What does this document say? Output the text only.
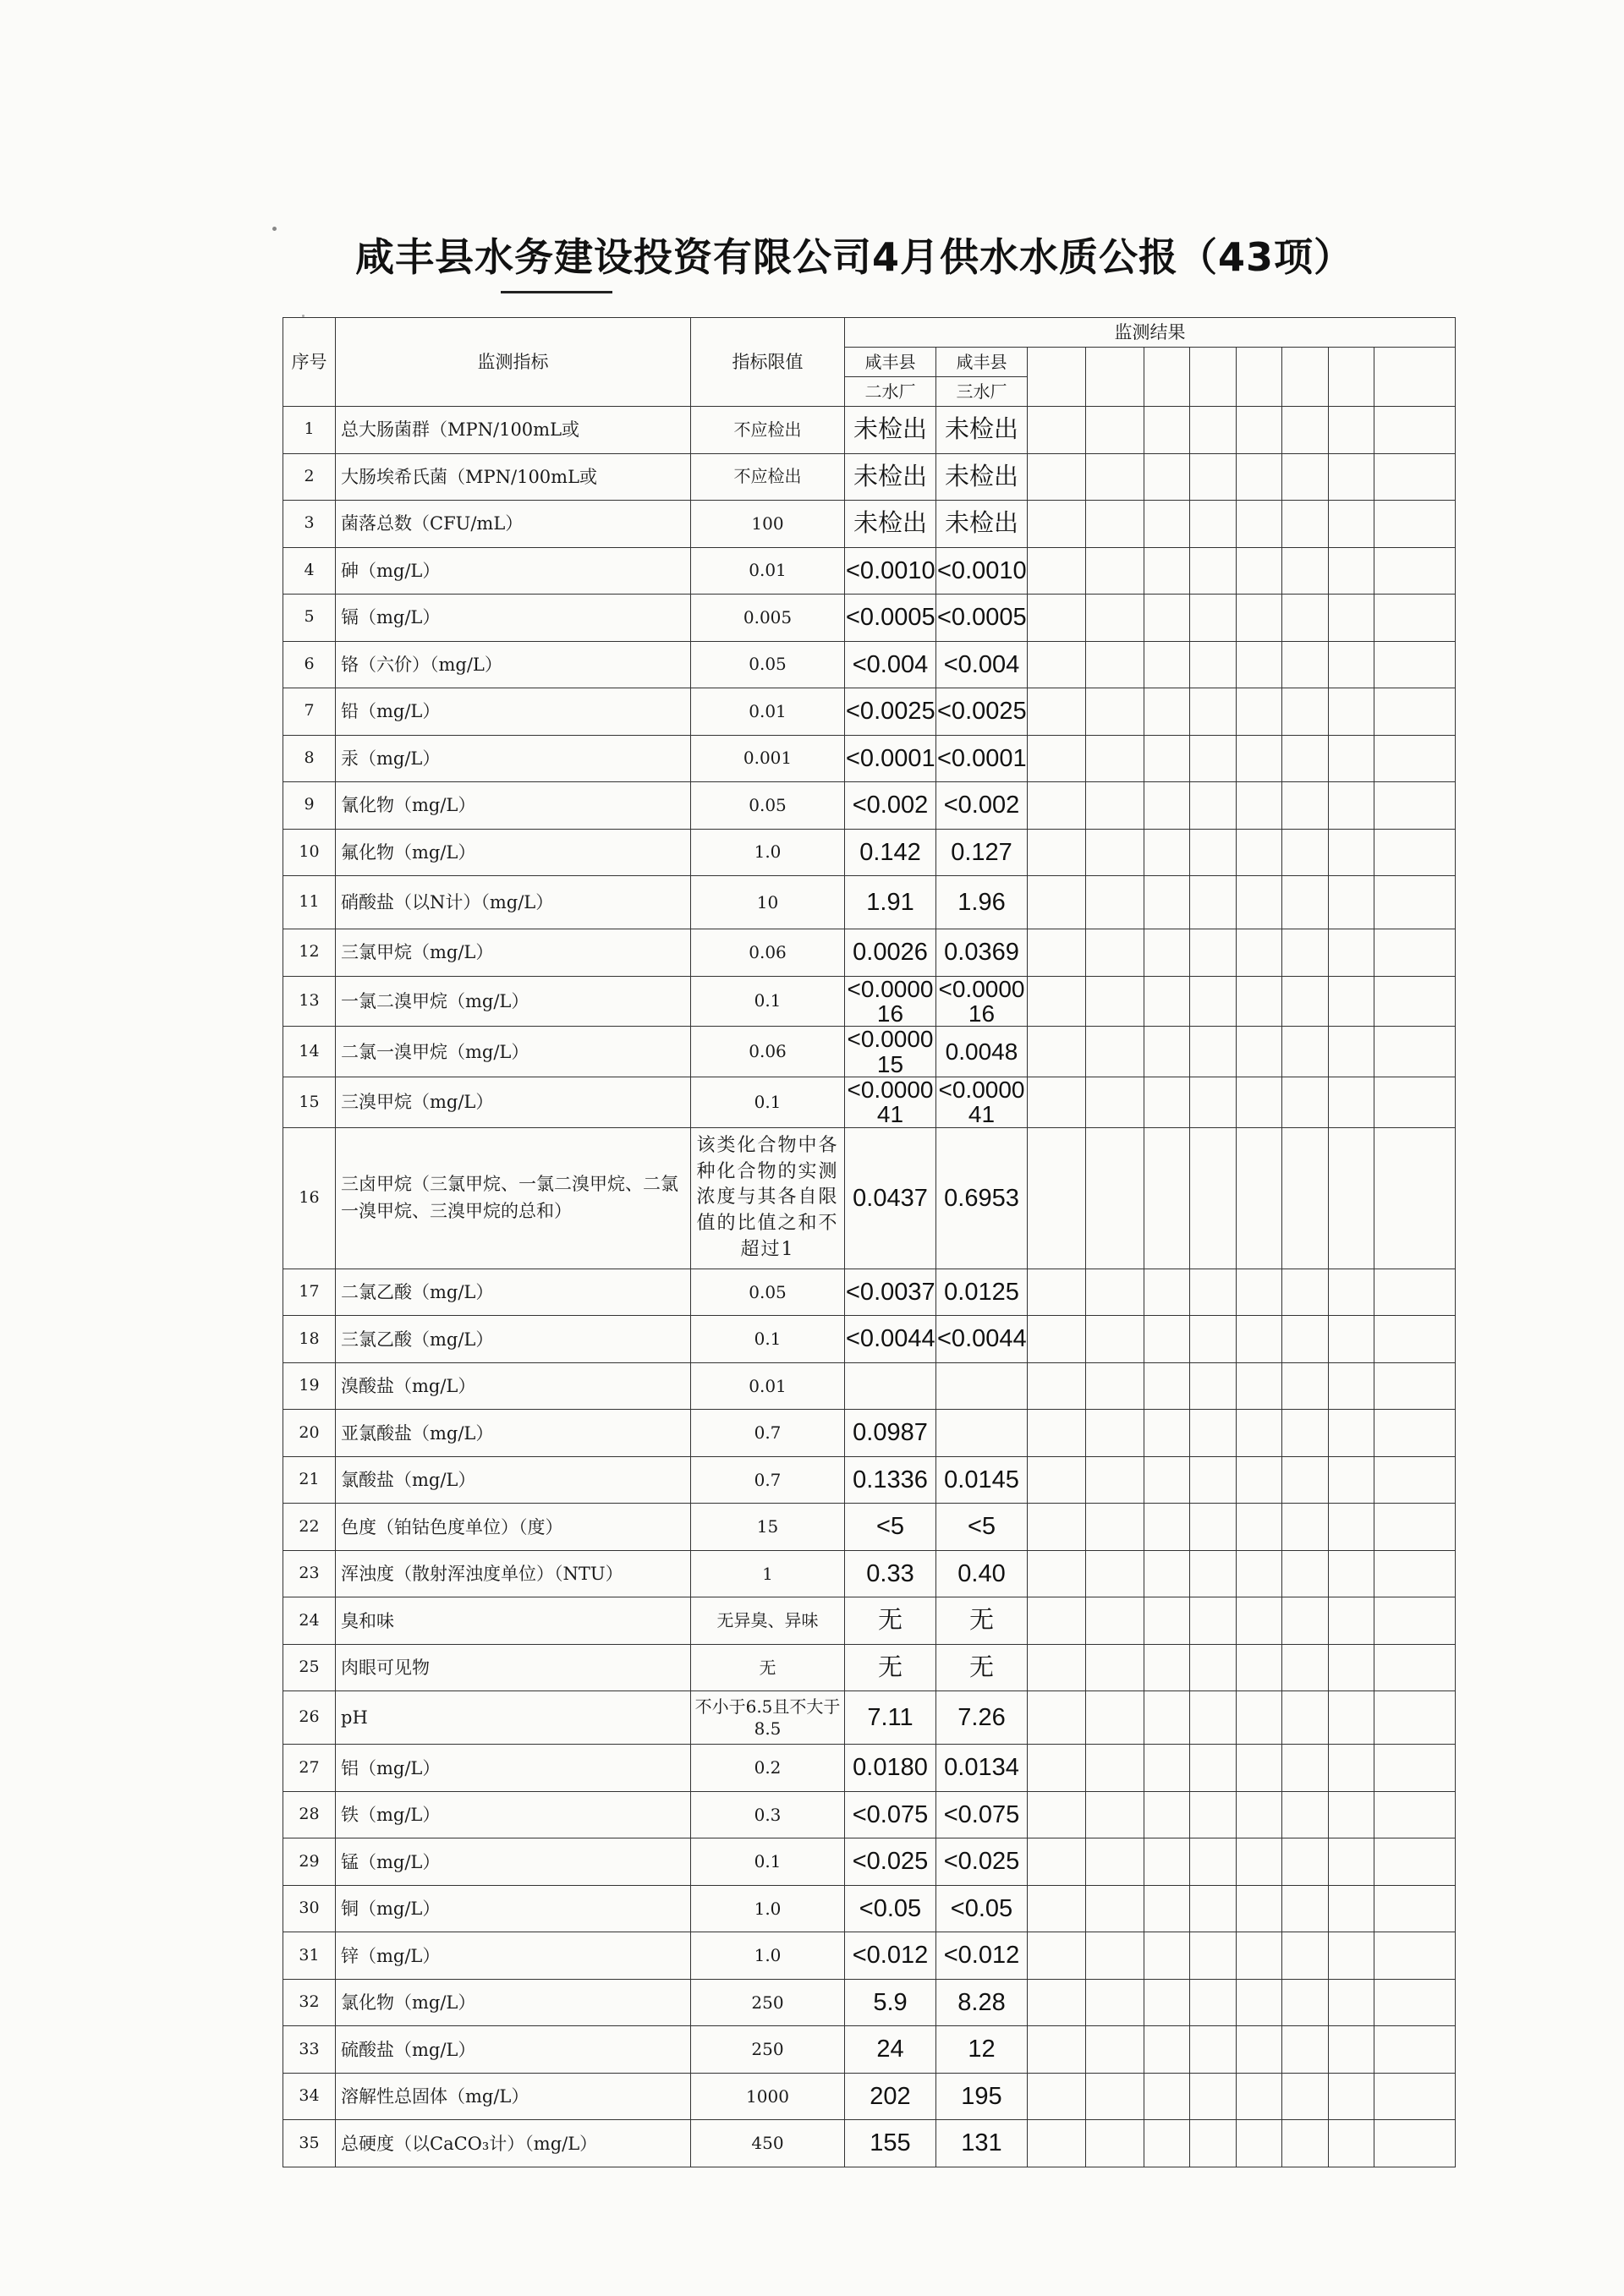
咸丰县水务建设投资有限公司4月供水水质公报（43项）
序号	监测指标	指标限值	监测结果									
			咸丰县	咸丰县								
			二水厂	三水厂								
1	总大肠菌群（MPN/100mL或	不应检出	未检出	未检出								
2	大肠埃希氏菌（MPN/100mL或	不应检出	未检出	未检出								
3	菌落总数（CFU/mL）	100	未检出	未检出								
4	砷（mg/L）	0.01	<0.0010	<0.0010								
5	镉（mg/L）	0.005	<0.0005	<0.0005								
6	铬（六价）（mg/L）	0.05	<0.004	<0.004								
7	铅（mg/L）	0.01	<0.0025	<0.0025								
8	汞（mg/L）	0.001	<0.0001	<0.0001								
9	氰化物（mg/L）	0.05	<0.002	<0.002								
10	氟化物（mg/L）	1.0	0.142	0.127								
11	硝酸盐（以N计）（mg/L）	10	1.91	1.96								
12	三氯甲烷（mg/L）	0.06	0.0026	0.0369								
13	一氯二溴甲烷（mg/L）	0.1	<0.000016	<0.000016								
14	二氯一溴甲烷（mg/L）	0.06	<0.000015	0.0048								
15	三溴甲烷（mg/L）	0.1	<0.000041	<0.000041								
16	三卤甲烷（三氯甲烷、一氯二溴甲烷、二氯一溴甲烷、三溴甲烷的总和）	该类化合物中各种化合物的实测浓度与其各自限值的比值之和不超过1	0.0437	0.6953								
17	二氯乙酸（mg/L）	0.05	<0.0037	0.0125								
18	三氯乙酸（mg/L）	0.1	<0.0044	<0.0044								
19	溴酸盐（mg/L）	0.01										
20	亚氯酸盐（mg/L）	0.7	0.0987									
21	氯酸盐（mg/L）	0.7	0.1336	0.0145								
22	色度（铂钴色度单位）（度）	15	<5	<5								
23	浑浊度（散射浑浊度单位）（NTU）	1	0.33	0.40								
24	臭和味	无异臭、异味	无	无								
25	肉眼可见物	无	无	无								
26	pH	不小于6.5且不大于8.5	7.11	7.26								
27	铝（mg/L）	0.2	0.0180	0.0134								
28	铁（mg/L）	0.3	<0.075	<0.075								
29	锰（mg/L）	0.1	<0.025	<0.025								
30	铜（mg/L）	1.0	<0.05	<0.05								
31	锌（mg/L）	1.0	<0.012	<0.012								
32	氯化物（mg/L）	250	5.9	8.28								
33	硫酸盐（mg/L）	250	24	12								
34	溶解性总固体（mg/L）	1000	202	195								
35	总硬度（以CaCO₃计）（mg/L）	450	155	131								
